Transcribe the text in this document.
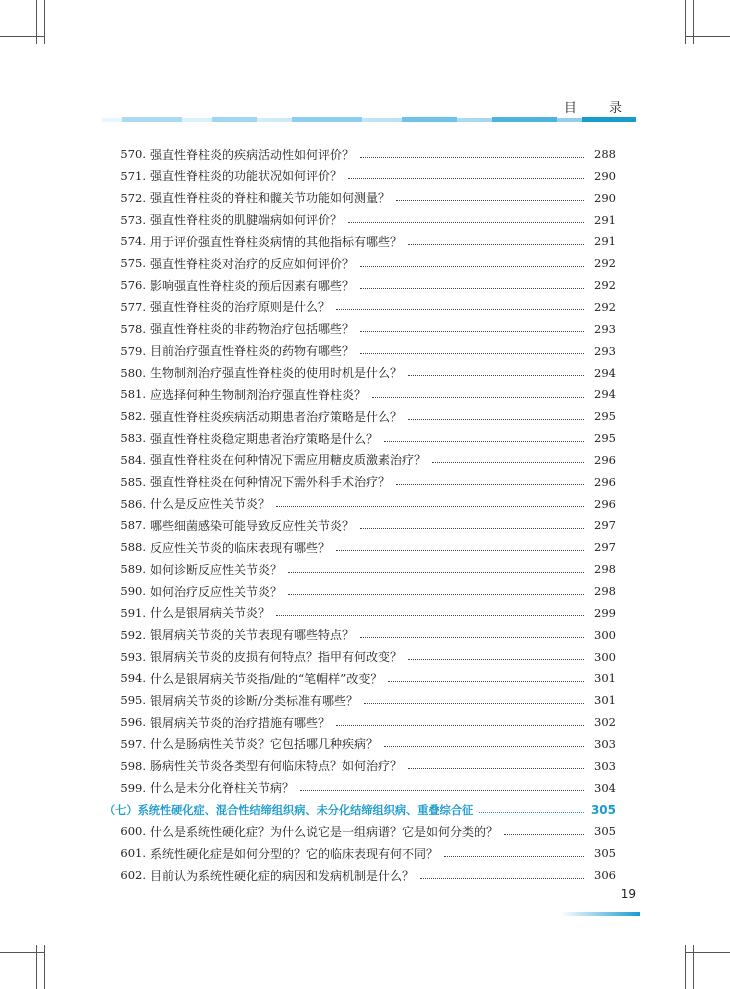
目 录
570. 强直性脊柱炎的疾病活动性如何评价？	288
571. 强直性脊柱炎的功能状况如何评价？	290
572. 强直性脊柱炎的脊柱和髋关节功能如何测量？	290
573. 强直性脊柱炎的肌腱端病如何评价？	291
574. 用于评价强直性脊柱炎病情的其他指标有哪些？	291
575. 强直性脊柱炎对治疗的反应如何评价？	292
576. 影响强直性脊柱炎的预后因素有哪些？	292
577. 强直性脊柱炎的治疗原则是什么？	292
578. 强直性脊柱炎的非药物治疗包括哪些？	293
579. 目前治疗强直性脊柱炎的药物有哪些？	293
580. 生物制剂治疗强直性脊柱炎的使用时机是什么？	294
581. 应选择何种生物制剂治疗强直性脊柱炎？	294
582. 强直性脊柱炎疾病活动期患者治疗策略是什么？	295
583. 强直性脊柱炎稳定期患者治疗策略是什么？	295
584. 强直性脊柱炎在何种情况下需应用糖皮质激素治疗？	296
585. 强直性脊柱炎在何种情况下需外科手术治疗？	296
586. 什么是反应性关节炎？	296
587. 哪些细菌感染可能导致反应性关节炎？	297
588. 反应性关节炎的临床表现有哪些？	297
589. 如何诊断反应性关节炎？	298
590. 如何治疗反应性关节炎？	298
591. 什么是银屑病关节炎？	299
592. 银屑病关节炎的关节表现有哪些特点？	300
593. 银屑病关节炎的皮损有何特点？指甲有何改变？	300
594. 什么是银屑病关节炎指/趾的“笔帽样”改变？	301
595. 银屑病关节炎的诊断/分类标准有哪些？	301
596. 银屑病关节炎的治疗措施有哪些？	302
597. 什么是肠病性关节炎？它包括哪几种疾病？	303
598. 肠病性关节炎各类型有何临床特点？如何治疗？	303
599. 什么是未分化脊柱关节病？	304
（七）系统性硬化症、混合性结缔组织病、未分化结缔组织病、重叠综合征	305
600. 什么是系统性硬化症？为什么说它是一组病谱？它是如何分类的？	305
601. 系统性硬化症是如何分型的？它的临床表现有何不同？	305
602. 目前认为系统性硬化症的病因和发病机制是什么？	306
19
